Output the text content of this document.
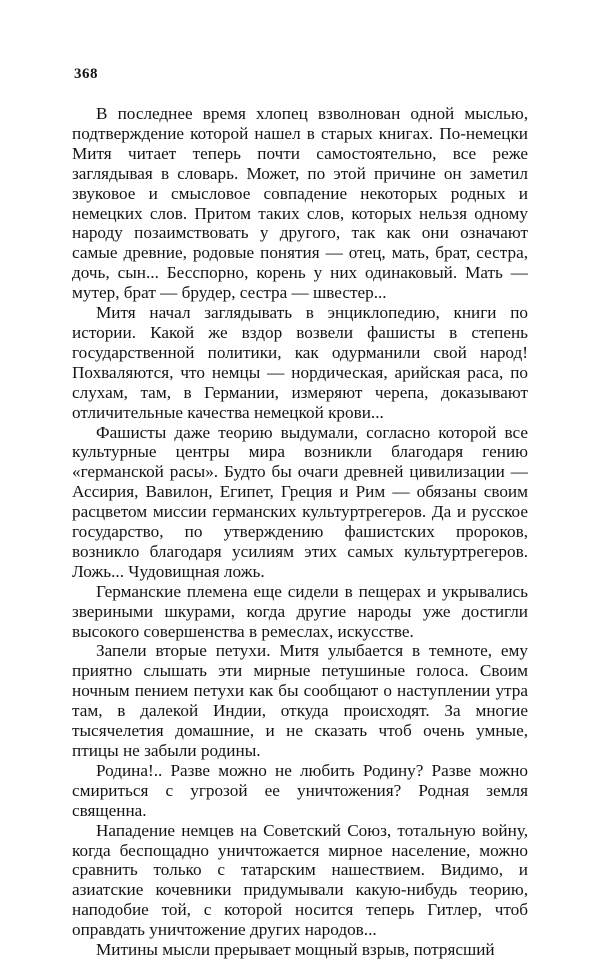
368

В последнее время хлопец взволнован одной мыслью, подтверждение которой нашел в старых книгах. По-немецки Митя читает теперь почти самостоятельно, все реже заглядывая в словарь. Может, по этой причине он заметил звуковое и смысловое совпадение некоторых родных и немецких слов. Притом таких слов, которых нельзя одному народу позаимствовать у другого, так как они означают самые древние, родовые понятия — отец, мать, брат, сестра, дочь, сын... Бесспорно, корень у них одинаковый. Мать — мутер, брат — брудер, сестра — швестер...

Митя начал заглядывать в энциклопедию, книги по истории. Какой же вздор возвели фашисты в степень государственной политики, как одурманили свой народ! Похваляются, что немцы — нордическая, арийская раса, по слухам, там, в Германии, измеряют черепа, доказывают отличительные качества немецкой крови...

Фашисты даже теорию выдумали, согласно которой все культурные центры мира возникли благодаря гению «германской расы». Будто бы очаги древней цивилизации — Ассирия, Вавилон, Египет, Греция и Рим — обязаны своим расцветом миссии германских культуртрегеров. Да и русское государство, по утверждению фашистских пророков, возникло благодаря усилиям этих самых культуртрегеров. Ложь... Чудовищная ложь.

Германские племена еще сидели в пещерах и укрывались звериными шкурами, когда другие народы уже достигли высокого совершенства в ремеслах, искусстве.

Запели вторые петухи. Митя улыбается в темноте, ему приятно слышать эти мирные петушиные голоса. Своим ночным пением петухи как бы сообщают о наступлении утра там, в далекой Индии, откуда происходят. За многие тысячелетия домашние, и не сказать чтоб очень умные, птицы не забыли родины.

Родина!.. Разве можно не любить Родину? Разве можно смириться с угрозой ее уничтожения? Родная земля священна.

Нападение немцев на Советский Союз, тотальную войну, когда беспощадно уничтожается мирное население, можно сравнить только с татарским нашествием. Видимо, и азиатские кочевники придумывали какую-нибудь теорию, наподобие той, с которой носится теперь Гитлер, чтоб оправдать уничтожение других народов...

Митины мысли прерывает мощный взрыв, потрясший
